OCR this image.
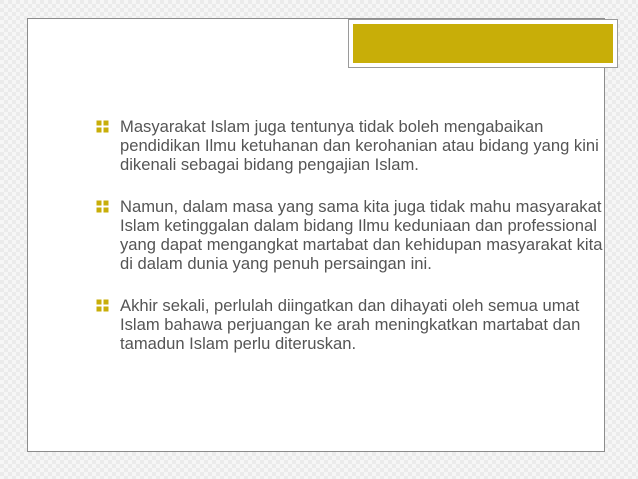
Masyarakat Islam juga tentunya tidak boleh mengabaikan pendidikan Ilmu ketuhanan dan kerohanian atau bidang yang kini dikenali sebagai bidang pengajian Islam.
Namun, dalam masa yang sama kita juga tidak mahu masyarakat Islam ketinggalan dalam bidang Ilmu keduniaan dan professional yang dapat mengangkat martabat dan kehidupan masyarakat kita di dalam dunia yang penuh persaingan ini.
Akhir sekali, perlulah diingatkan dan dihayati oleh semua umat Islam bahawa perjuangan ke arah meningkatkan martabat dan tamadun Islam perlu diteruskan.
